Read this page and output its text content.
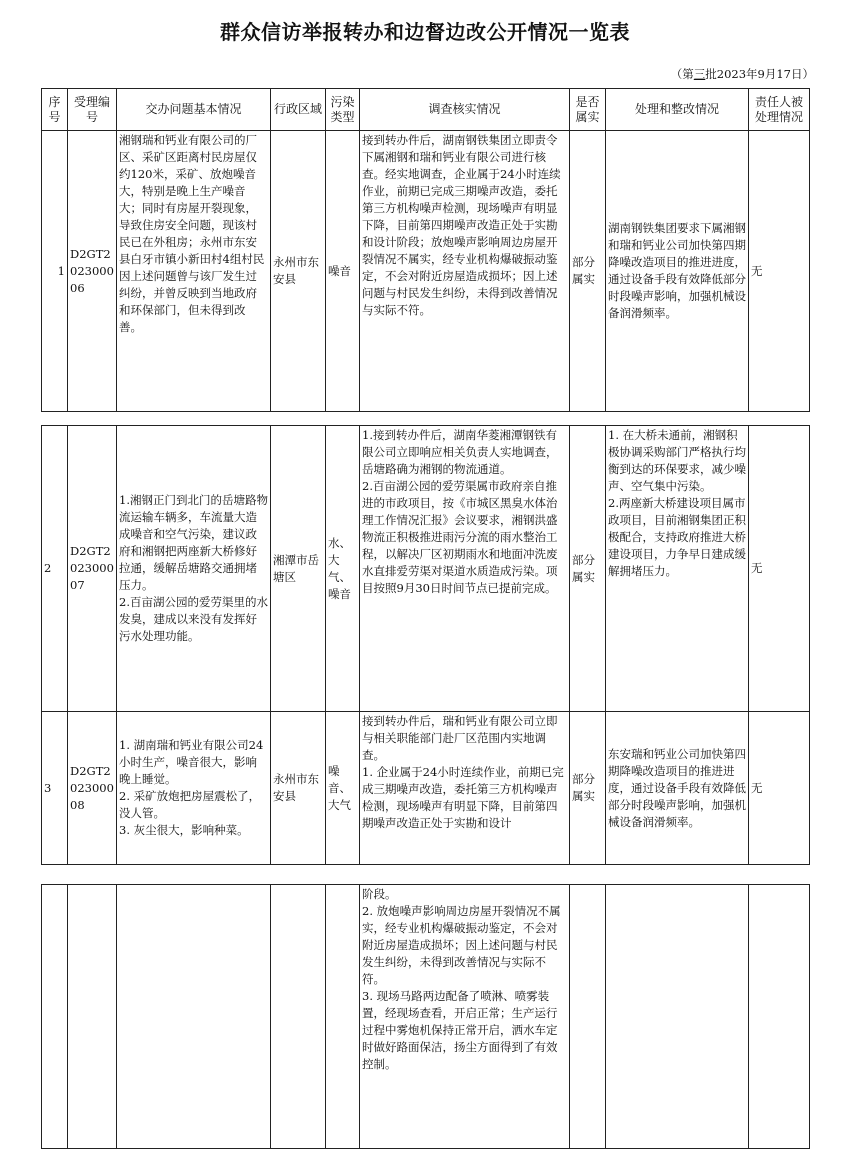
群众信访举报转办和边督边改公开情况一览表
（第三批2023年9月17日）
序号	受理编号	交办问题基本情况	行政区域	污染类型	调查核实情况	是否属实	处理和整改情况	责任人被处理情况
1	D2GT202300006	湘钢瑞和钙业有限公司的厂区、采矿区距离村民房屋仅约120米，采矿、放炮噪音大，特别是晚上生产噪音大；同时有房屋开裂现象，导致住房安全问题，现该村民已在外租房；永州市东安县白牙市镇小新田村4组村民因上述问题曾与该厂发生过纠纷，并曾反映到当地政府和环保部门，但未得到改善。	永州市东安县	噪音	接到转办件后，湖南钢铁集团立即责令下属湘钢和瑞和钙业有限公司进行核查。经实地调查，企业属于24小时连续作业，前期已完成三期噪声改造，委托第三方机构噪声检测，现场噪声有明显下降，目前第四期噪声改造正处于实勘和设计阶段；放炮噪声影响周边房屋开裂情况不属实，经专业机构爆破振动鉴定，不会对附近房屋造成损坏；因上述问题与村民发生纠纷，未得到改善情况与实际不符。	部分属实	湖南钢铁集团要求下属湘钢和瑞和钙业公司加快第四期降噪改造项目的推进进度，通过设备手段有效降低部分时段噪声影响，加强机械设备润滑频率。	无
2	D2GT202300007	1.湘钢正门到北门的岳塘路物流运输车辆多，车流量大造成噪音和空气污染，建议政府和湘钢把两座新大桥修好拉通，缓解岳塘路交通拥堵压力。
2.百亩湖公园的爱劳渠里的水发臭，建成以来没有发挥好污水处理功能。	湘潭市岳塘区	水、大气、噪音	1.接到转办件后，湖南华菱湘潭钢铁有限公司立即响应相关负责人实地调查，岳塘路确为湘钢的物流通道。
2.百亩湖公园的爱劳渠属市政府亲自推进的市政项目，按《市城区黑臭水体治理工作情况汇报》会议要求，湘钢洪盛物流正积极推进雨污分流的雨水整治工程，以解决厂区初期雨水和地面冲洗废水直排爱劳渠对渠道水质造成污染。项目按照9月30日时间节点已提前完成。	部分属实	1. 在大桥未通前，湘钢积极协调采购部门严格执行均衡到达的环保要求，减少噪声、空气集中污染。
2.两座新大桥建设项目属市政项目，目前湘钢集团正积极配合，支持政府推进大桥建设项目，力争早日建成缓解拥堵压力。	无
3	D2GT202300008	1. 湖南瑞和钙业有限公司24小时生产，噪音很大，影响晚上睡觉。
2. 采矿放炮把房屋震松了，没人管。
3. 灰尘很大，影响种菜。	永州市东安县	噪音、大气	接到转办件后，瑞和钙业有限公司立即与相关职能部门赴厂区范围内实地调查。
1. 企业属于24小时连续作业，前期已完成三期噪声改造，委托第三方机构噪声检测，现场噪声有明显下降，目前第四期噪声改造正处于实勘和设计	部分属实	东安瑞和钙业公司加快第四期降噪改造项目的推进进度，通过设备手段有效降低部分时段噪声影响，加强机械设备润滑频率。	无
					阶段。
2. 放炮噪声影响周边房屋开裂情况不属实，经专业机构爆破振动鉴定，不会对附近房屋造成损坏；因上述问题与村民发生纠纷，未得到改善情况与实际不符。
3. 现场马路两边配备了喷淋、喷雾装置，经现场查看，开启正常；生产运行过程中雾炮机保持正常开启，洒水车定时做好路面保洁，扬尘方面得到了有效控制。			
